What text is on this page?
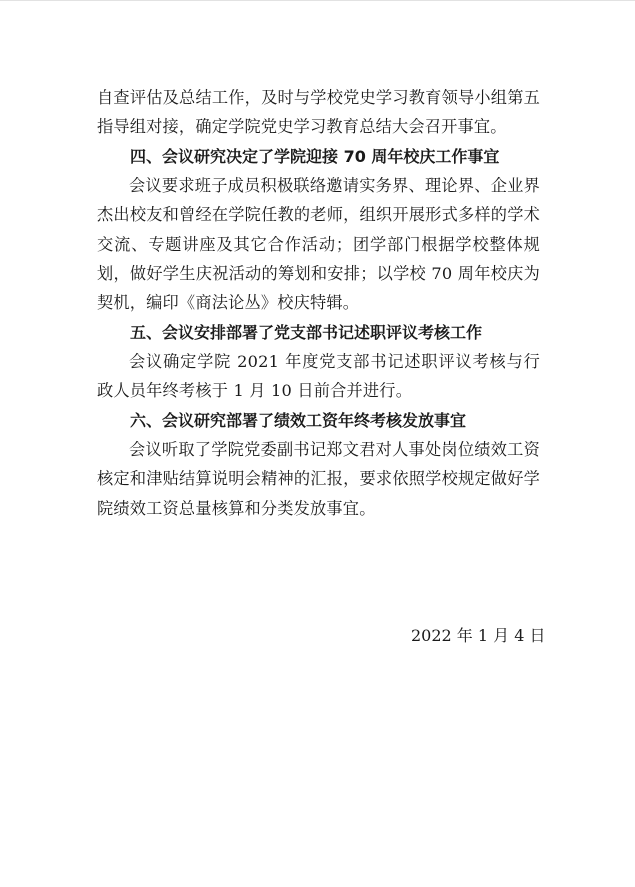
自查评估及总结工作，及时与学校党史学习教育领导小组第五指导组对接，确定学院党史学习教育总结大会召开事宜。

四、会议研究决定了学院迎接 70 周年校庆工作事宜

会议要求班子成员积极联络邀请实务界、理论界、企业界杰出校友和曾经在学院任教的老师，组织开展形式多样的学术交流、专题讲座及其它合作活动；团学部门根据学校整体规划，做好学生庆祝活动的筹划和安排；以学校 70 周年校庆为契机，编印《商法论丛》校庆特辑。

五、会议安排部署了党支部书记述职评议考核工作

会议确定学院 2021 年度党支部书记述职评议考核与行政人员年终考核于 1 月 10 日前合并进行。

六、会议研究部署了绩效工资年终考核发放事宜

会议听取了学院党委副书记郑文君对人事处岗位绩效工资核定和津贴结算说明会精神的汇报，要求依照学校规定做好学院绩效工资总量核算和分类发放事宜。

2022 年 1 月 4 日
